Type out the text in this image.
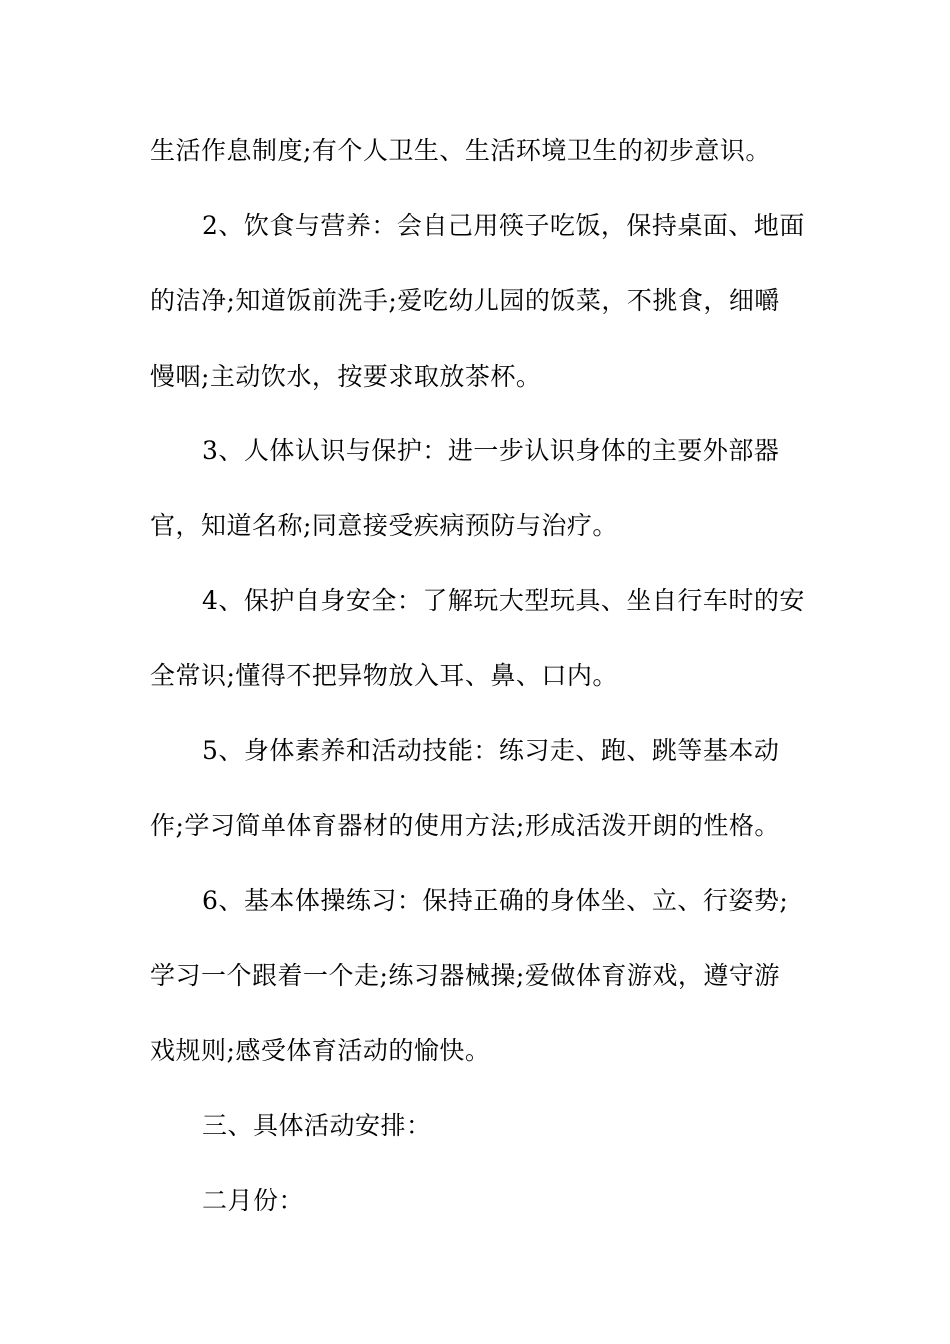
生活作息制度;有个人卫生、生活环境卫生的初步意识。
2、饮食与营养：会自己用筷子吃饭，保持桌面、地面
的洁净;知道饭前洗手;爱吃幼儿园的饭菜，不挑食，细嚼
慢咽;主动饮水，按要求取放茶杯。
3、人体认识与保护：进一步认识身体的主要外部器
官，知道名称;同意接受疾病预防与治疗。
4、保护自身安全：了解玩大型玩具、坐自行车时的安
全常识;懂得不把异物放入耳、鼻、口内。
5、身体素养和活动技能：练习走、跑、跳等基本动
作;学习简单体育器材的使用方法;形成活泼开朗的性格。
6、基本体操练习：保持正确的身体坐、立、行姿势;
学习一个跟着一个走;练习器械操;爱做体育游戏，遵守游
戏规则;感受体育活动的愉快。
三、具体活动安排：
二月份：
